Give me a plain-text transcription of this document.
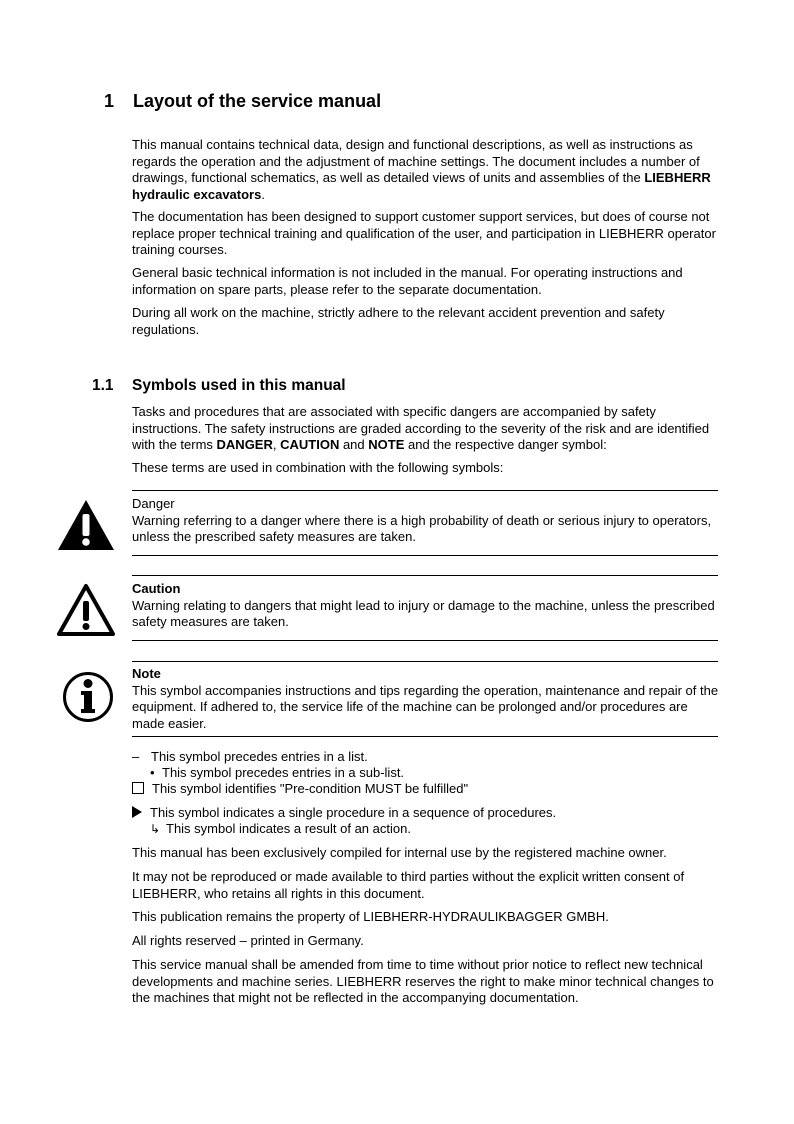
1 Layout of the service manual

This manual contains technical data, design and functional descriptions, as well as instructions as regards the operation and the adjustment of machine settings. The document includes a number of drawings, functional schematics, as well as detailed views of units and assemblies of the LIEBHERR hydraulic excavators.

The documentation has been designed to support customer support services, but does of course not replace proper technical training and qualification of the user, and participation in LIEBHERR operator training courses.
General basic technical information is not included in the manual. For operating instructions and information on spare parts, please refer to the separate documentation.
During all work on the machine, strictly adhere to the relevant accident prevention and safety regulations.
1.1 Symbols used in this manual

Tasks and procedures that are associated with specific dangers are accompanied by safety instructions. The safety instructions are graded according to the severity of the risk and are identified with the terms DANGER, CAUTION and NOTE and the respective danger symbol:

These terms are used in combination with the following symbols:

Danger

Warning referring to a danger where there is a high probability of death or serious injury to operators, unless the prescribed safety measures are taken.

Caution

Warning relating to dangers that might lead to injury or damage to the machine, unless the prescribed safety measures are taken.

Note

This symbol accompanies instructions and tips regarding the operation, maintenance and repair of the equipment. If adhered to, the service life of the machine can be prolonged and/or procedures are made easier.

– This symbol precedes entries in a list.
• This symbol precedes entries in a sub-list.
This symbol identifies "Pre-condition MUST be fulfilled"
This symbol indicates a single procedure in a sequence of procedures.
↳ This symbol indicates a result of an action.
This manual has been exclusively compiled for internal use by the registered machine owner.
It may not be reproduced or made available to third parties without the explicit written consent of LIEBHERR, who retains all rights in this document.
This publication remains the property of LIEBHERR-HYDRAULIKBAGGER GMBH.
All rights reserved – printed in Germany.
This service manual shall be amended from time to time without prior notice to reflect new technical developments and machine series. LIEBHERR reserves the right to make minor technical changes to the machines that might not be reflected in the accompanying documentation.
